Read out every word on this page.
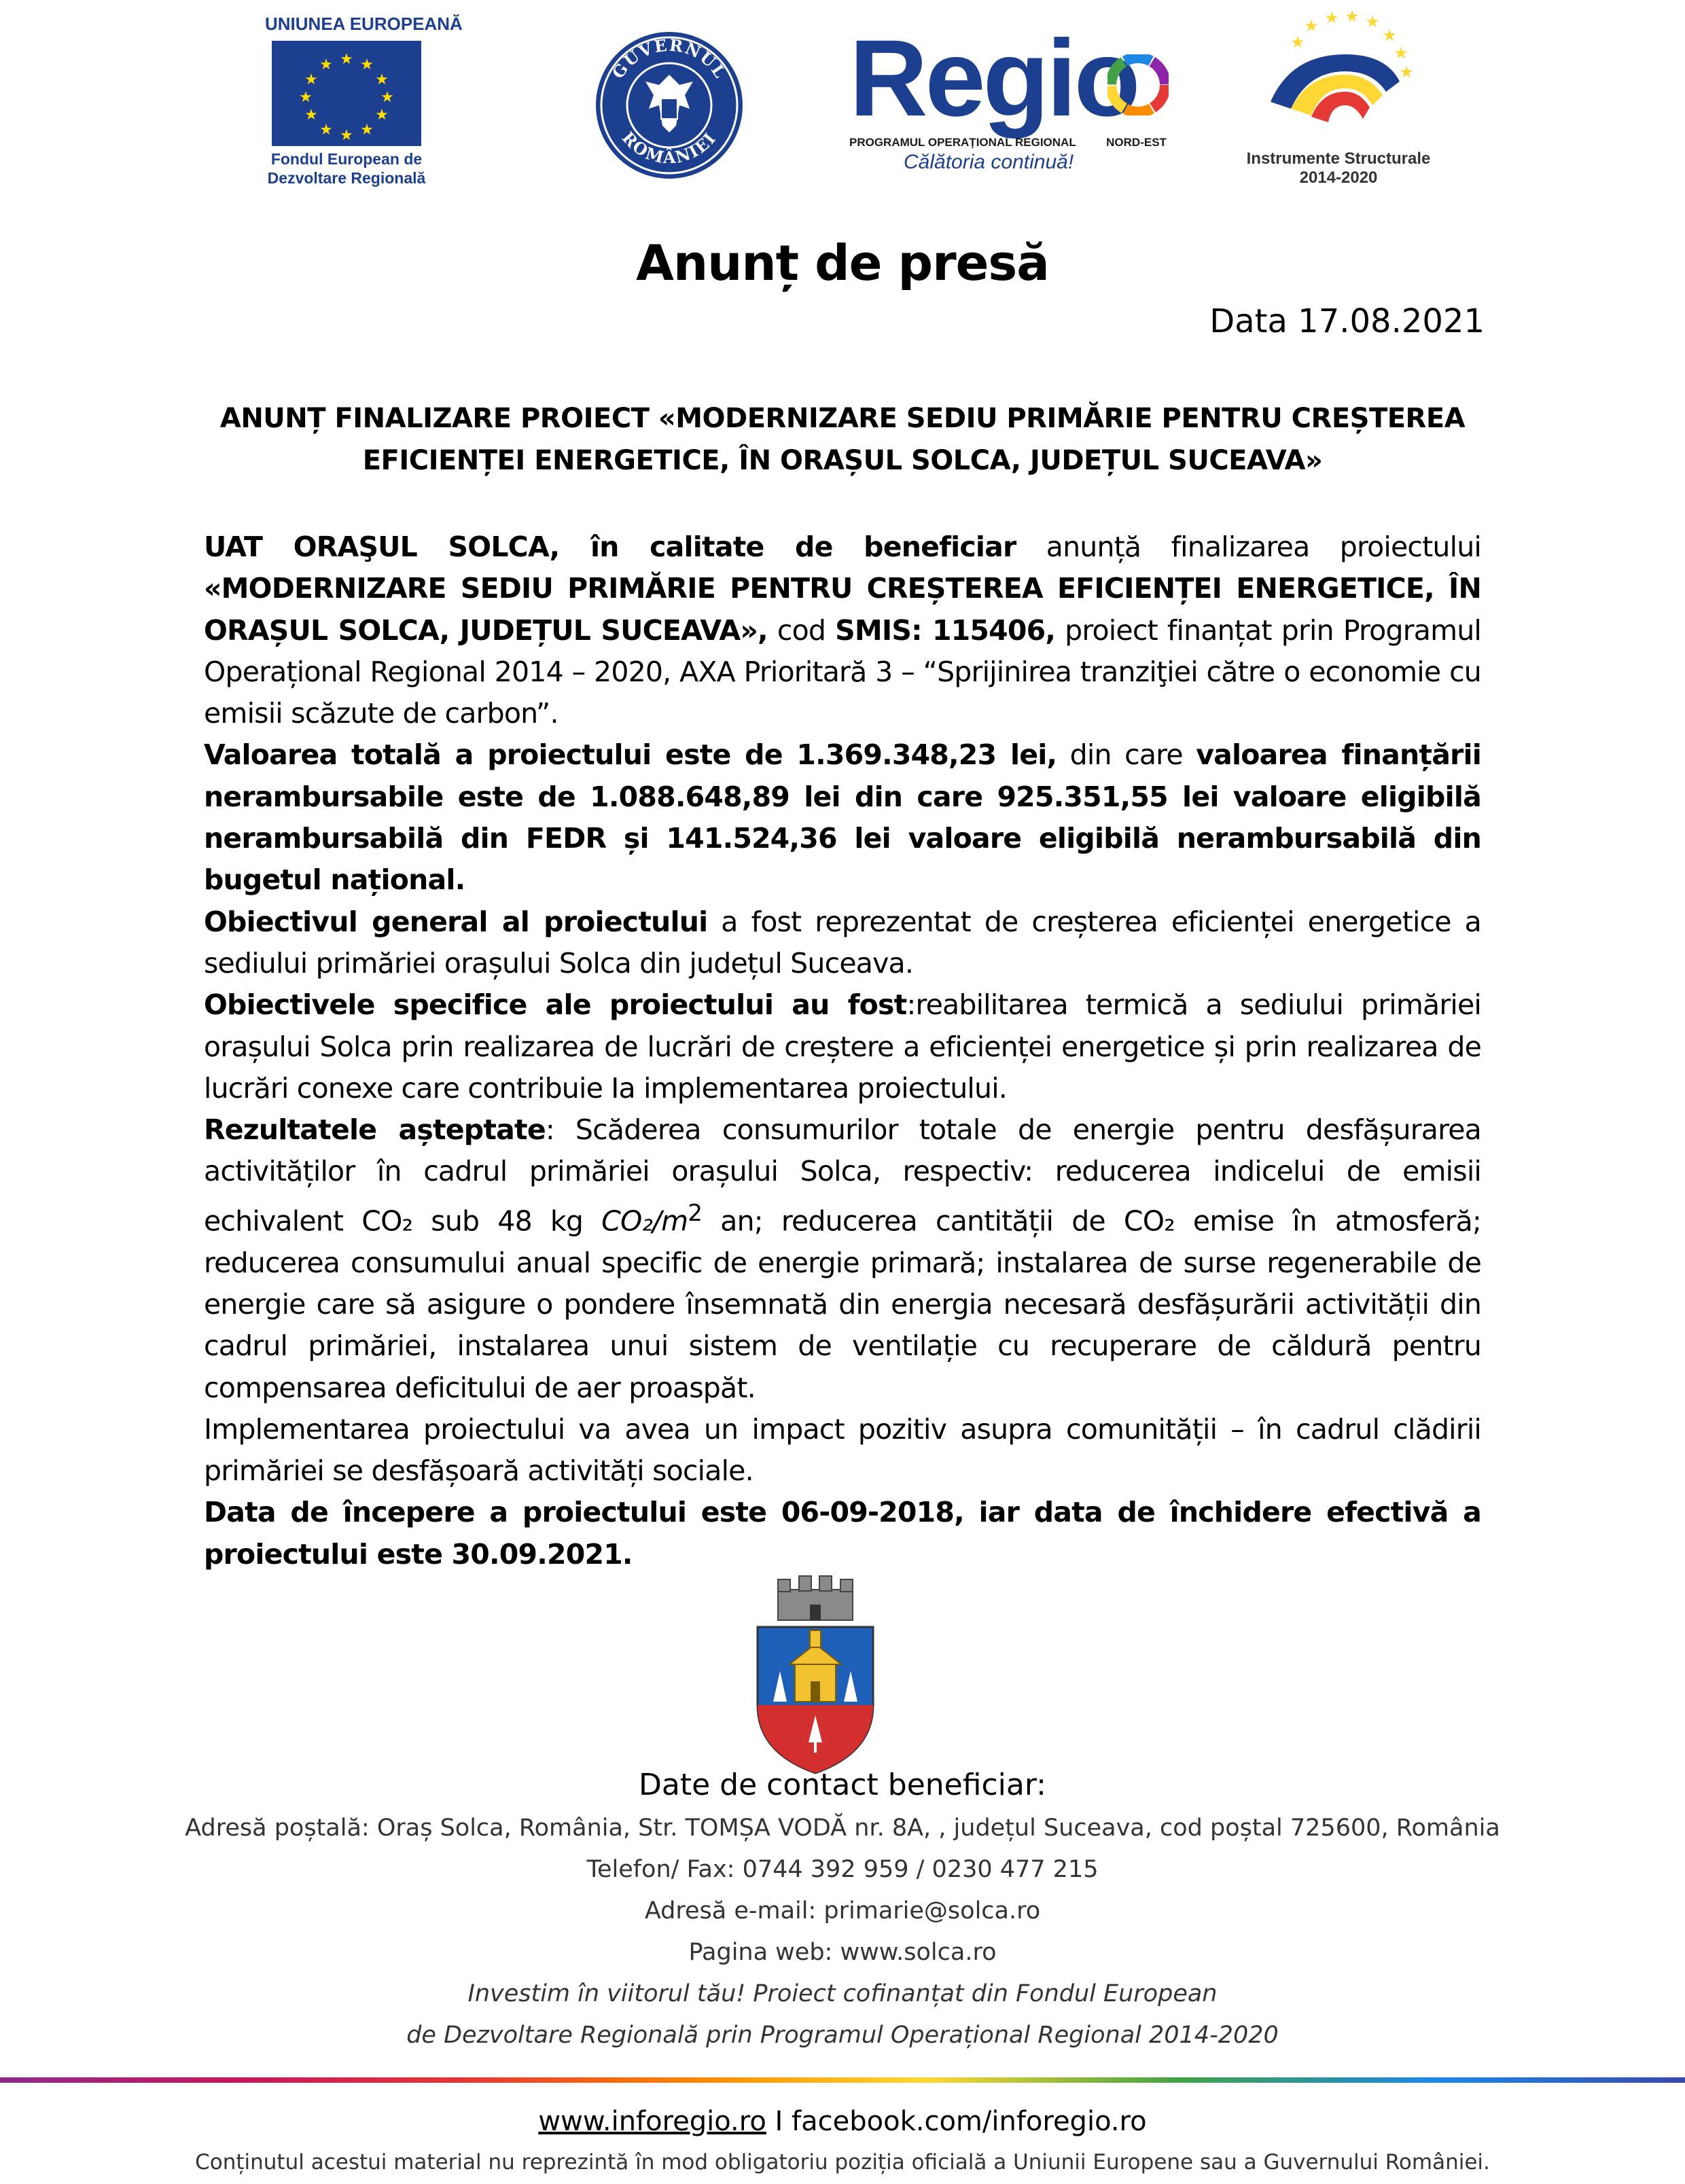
UNIUNEA EUROPEANĂ
★ ★
★
★
★
★
★
★
★
★
★
★
Fondul European de
Dezvoltare Regională
GUVERNUL
ROMÂNIEI Regio
PROGRAMUL OPERAȚIONAL REGIONAL	NORD-EST
Călătoria continuă!
★
★ ★ ★ ★
★
★
★
Instrumente Structurale
2014-2020
Anunț de presă
Data 17.08.2021
ANUNȚ FINALIZARE PROIECT «MODERNIZARE SEDIU PRIMĂRIE PENTRU CREȘTEREA
EFICIENȚEI ENERGETICE, ÎN ORAȘUL SOLCA, JUDEȚUL SUCEAVA»

UAT ORAŞUL SOLCA, în calitate de beneficiar anunță finalizarea proiectului «MODERNIZARE SEDIU PRIMĂRIE PENTRU CREȘTEREA EFICIENȚEI ENERGETICE, ÎN ORAȘUL SOLCA, JUDEȚUL SUCEAVA», cod SMIS: 115406, proiect finanțat prin Programul Operațional Regional 2014 – 2020, AXA Prioritară 3 – “Sprijinirea tranziţiei către o economie cu emisii scăzute de carbon”.

Valoarea totală a proiectului este de 1.369.348,23 lei, din care valoarea finanțării nerambursabile este de 1.088.648,89 lei din care 925.351,55 lei valoare eligibilă nerambursabilă din FEDR și 141.524,36 lei valoare eligibilă nerambursabilă din bugetul național.

Obiectivul general al proiectului a fost reprezentat de creșterea eficienței energetice a sediului primăriei orașului Solca din județul Suceava.

Obiectivele specifice ale proiectului au fost:reabilitarea termică a sediului primăriei orașului Solca prin realizarea de lucrări de creștere a eficienței energetice și prin realizarea de lucrări conexe care contribuie Ia implementarea proiectului.

Rezultatele așteptate: Scăderea consumurilor totale de energie pentru desfășurarea activităților în cadrul primăriei orașului Solca, respectiv: reducerea indicelui de emisii echivalent CO₂ sub 48 kg CO₂/$m^2$ an; reducerea cantității de CO₂ emise în atmosferă; reducerea consumului anual specific de energie primară; instalarea de surse regenerabile de energie care să asigure o pondere însemnată din energia necesară desfășurării activității din cadrul primăriei, instalarea unui sistem de ventilație cu recuperare de căldură pentru compensarea deficitului de aer proaspăt.

Implementarea proiectului va avea un impact pozitiv asupra comunității – în cadrul clădirii primăriei se desfășoară activități sociale.

Data de începere a proiectului este 06-09-2018, iar data de închidere efectivă a proiectului este 30.09.2021.

Date de contact beneficiar:
Adresă poștală: Oraș Solca, România, Str. TOMȘA VODĂ nr. 8A, , județul Suceava, cod poștal 725600, România
Telefon/ Fax: 0744 392 959 / 0230 477 215
Adresă e-mail: primarie@solca.ro
Pagina web: www.solca.ro
Investim în viitorul tău! Proiect cofinanțat din Fondul European
de Dezvoltare Regională prin Programul Operațional Regional 2014-2020
www.inforegio.ro I facebook.com/inforegio.ro
Conținutul acestui material nu reprezintă în mod obligatoriu poziția oficială a Uniunii Europene sau a Guvernului României.
